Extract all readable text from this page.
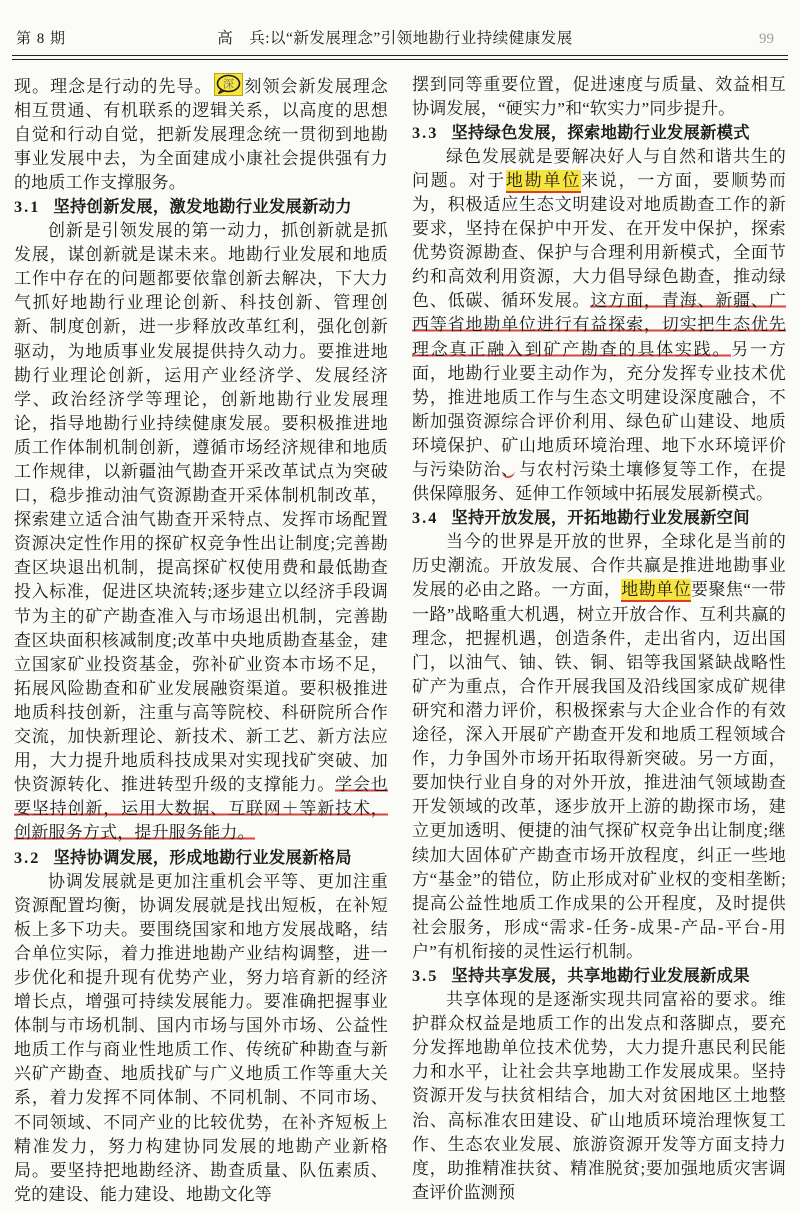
第 8 期	高　兵:以“新发展理念”引领地勘行业持续健康发展	99

现。理念是行动的先导。 深 刻领会新发展理念相互贯通、有机联系的逻辑关系，以高度的思想自觉和行动自觉，把新发展理念统一贯彻到地勘事业发展中去，为全面建成小康社会提供强有力的地质工作支撑服务。

3.1 坚持创新发展，激发地勘行业发展新动力

创新是引领发展的第一动力，抓创新就是抓发展，谋创新就是谋未来。地勘行业发展和地质工作中存在的问题都要依靠创新去解决，下大力气抓好地勘行业理论创新、科技创新、管理创新、制度创新，进一步释放改革红利，强化创新驱动，为地质事业发展提供持久动力。要推进地勘行业理论创新，运用产业经济学、发展经济学、政治经济学等理论，创新地勘行业发展理论，指导地勘行业持续健康发展。要积极推进地质工作体制机制创新，遵循市场经济规律和地质工作规律，以新疆油气勘查开采改革试点为突破口，稳步推动油气资源勘查开采体制机制改革，探索建立适合油气勘查开采特点、发挥市场配置资源决定性作用的探矿权竞争性出让制度;完善勘查区块退出机制，提高探矿权使用费和最低勘查投入标准，促进区块流转;逐步建立以经济手段调节为主的矿产勘查准入与市场退出机制，完善勘查区块面积核减制度;改革中央地质勘查基金，建立国家矿业投资基金，弥补矿业资本市场不足，拓展风险勘查和矿业发展融资渠道。要积极推进地质科技创新，注重与高等院校、科研院所合作交流，加快新理论、新技术、新工艺、新方法应用，大力提升地质科技成果对实现找矿突破、加快资源转化、推进转型升级的支撑能力。学会也要坚持创新，运用大数据、互联网＋等新技术，创新服务方式，提升服务能力。

3.2 坚持协调发展，形成地勘行业发展新格局

协调发展就是更加注重机会平等、更加注重资源配置均衡，协调发展就是找出短板，在补短板上多下功夫。要围绕国家和地方发展战略，结合单位实际，着力推进地勘产业结构调整，进一步优化和提升现有优势产业，努力培育新的经济增长点，增强可持续发展能力。要准确把握事业体制与市场机制、国内市场与国外市场、公益性地质工作与商业性地质工作、传统矿种勘查与新兴矿产勘查、地质找矿与广义地质工作等重大关系，着力发挥不同体制、不同机制、不同市场、不同领域、不同产业的比较优势，在补齐短板上精准发力，努力构建协同发展的地勘产业新格局。要坚持把地勘经济、勘查质量、队伍素质、党的建设、能力建设、地勘文化等

摆到同等重要位置，促进速度与质量、效益相互协调发展，“硬实力”和“软实力”同步提升。

3.3 坚持绿色发展，探索地勘行业发展新模式

绿色发展就是要解决好人与自然和谐共生的问题。对于地勘单位来说，一方面，要顺势而为，积极适应生态文明建设对地质勘查工作的新要求，坚持在保护中开发、在开发中保护，探索优势资源勘查、保护与合理利用新模式，全面节约和高效利用资源，大力倡导绿色勘查，推动绿色、低碳、循环发展。这方面，青海、新疆、广西等省地勘单位进行有益探索，切实把生态优先理念真正融入到矿产勘查的具体实践。另一方面，地勘行业要主动作为，充分发挥专业技术优势，推进地质工作与生态文明建设深度融合，不断加强资源综合评价利用、绿色矿山建设、地质环境保护、矿山地质环境治理、地下水环境评价与污染防治、与农村污染土壤修复等工作，在提供保障服务、延伸工作领域中拓展发展新模式。

3.4 坚持开放发展，开拓地勘行业发展新空间

当今的世界是开放的世界，全球化是当前的历史潮流。开放发展、合作共赢是推进地勘事业发展的必由之路。一方面，地勘单位要聚焦“一带一路”战略重大机遇，树立开放合作、互利共赢的理念，把握机遇，创造条件，走出省内，迈出国门，以油气、铀、铁、铜、铝等我国紧缺战略性矿产为重点，合作开展我国及沿线国家成矿规律研究和潜力评价，积极探索与大企业合作的有效途径，深入开展矿产勘查开发和地质工程领域合作，力争国外市场开拓取得新突破。另一方面，要加快行业自身的对外开放，推进油气领域勘查开发领域的改革，逐步放开上游的勘探市场，建立更加透明、便捷的油气探矿权竞争出让制度;继续加大固体矿产勘查市场开放程度，纠正一些地方“基金”的错位，防止形成对矿业权的变相垄断;提高公益性地质工作成果的公开程度，及时提供社会服务，形成“需求-任务-成果-产品-平台-用户”有机衔接的灵性运行机制。

3.5 坚持共享发展，共享地勘行业发展新成果

共享体现的是逐渐实现共同富裕的要求。维护群众权益是地质工作的出发点和落脚点，要充分发挥地勘单位技术优势，大力提升惠民利民能力和水平，让社会共享地勘工作发展成果。坚持资源开发与扶贫相结合，加大对贫困地区土地整治、高标准农田建设、矿山地质环境治理恢复工作、生态农业发展、旅游资源开发等方面支持力度，助推精准扶贫、精准脱贫;要加强地质灾害调查评价监测预
